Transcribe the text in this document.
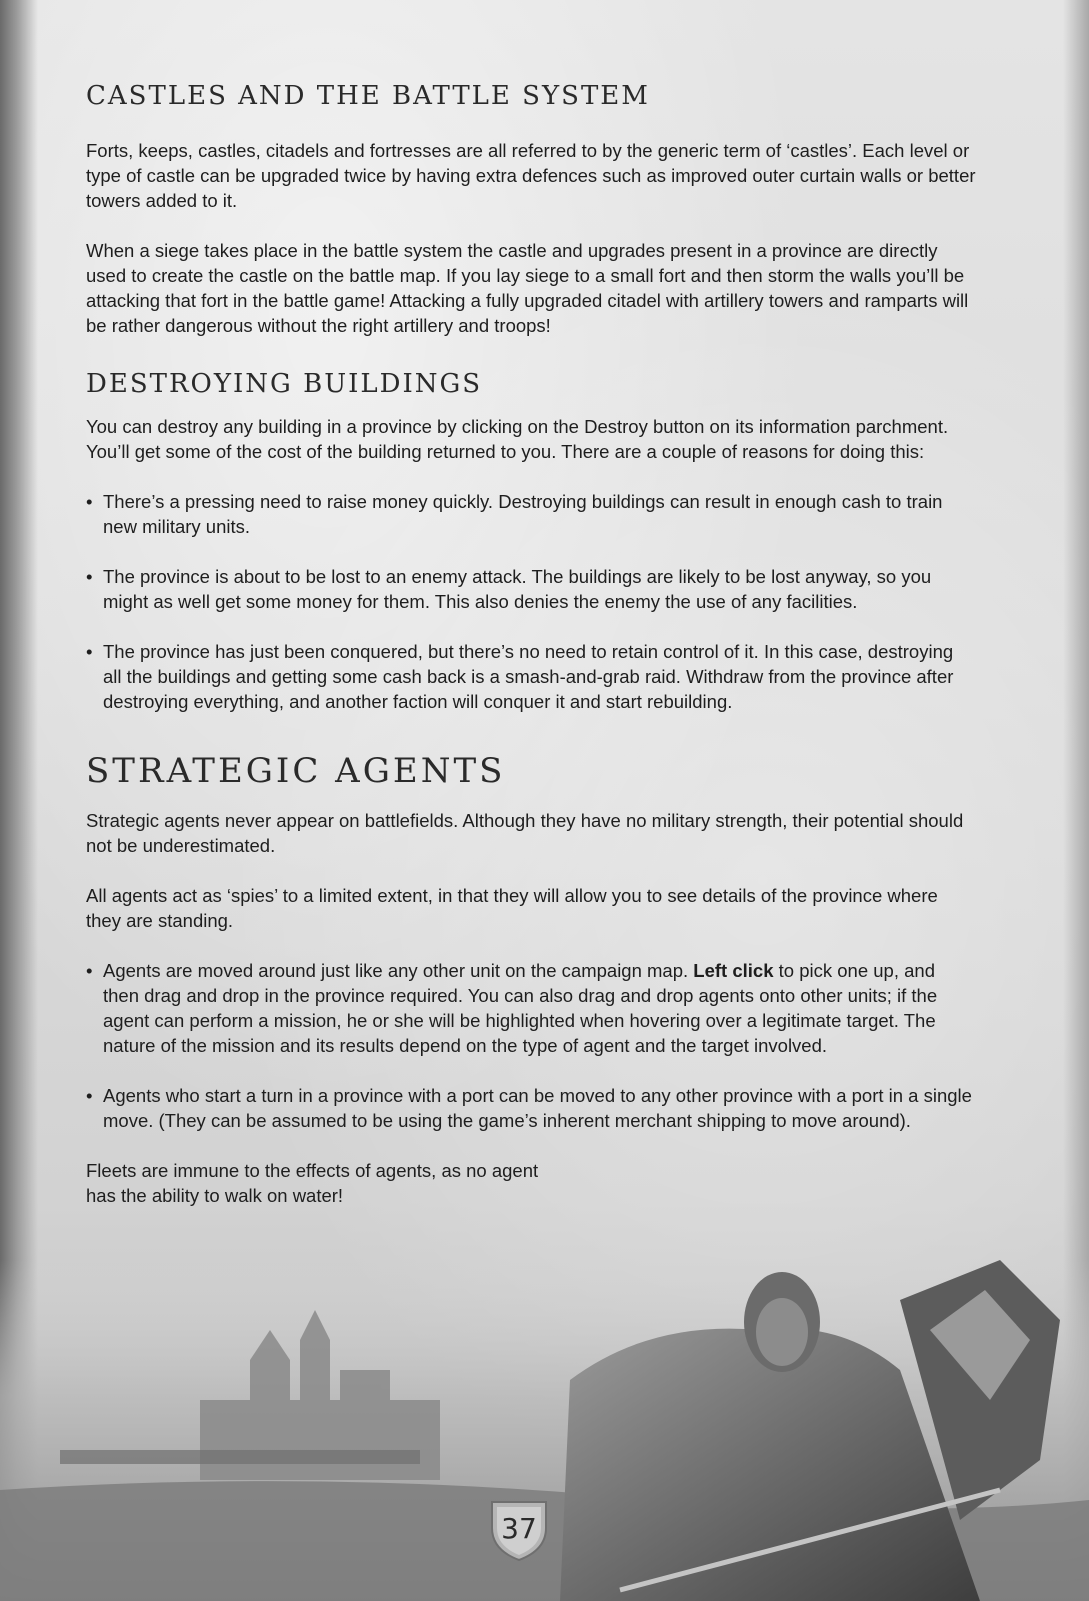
CASTLES AND THE BATTLE SYSTEM

Forts, keeps, castles, citadels and fortresses are all referred to by the generic term of ‘castles’. Each level or type of castle can be upgraded twice by having extra defences such as improved outer curtain walls or better towers added to it.

When a siege takes place in the battle system the castle and upgrades present in a province are directly used to create the castle on the battle map. If you lay siege to a small fort and then storm the walls you’ll be attacking that fort in the battle game! Attacking a fully upgraded citadel with artillery towers and ramparts will be rather dangerous without the right artillery and troops!

DESTROYING BUILDINGS

You can destroy any building in a province by clicking on the Destroy button on its information parchment. You’ll get some of the cost of the building returned to you. There are a couple of reasons for doing this:

• There’s a pressing need to raise money quickly. Destroying buildings can result in enough cash to train new military units.

• The province is about to be lost to an enemy attack. The buildings are likely to be lost anyway, so you might as well get some money for them. This also denies the enemy the use of any facilities.

• The province has just been conquered, but there’s no need to retain control of it. In this case, destroying all the buildings and getting some cash back is a smash-and-grab raid. Withdraw from the province after destroying everything, and another faction will conquer it and start rebuilding.

STRATEGIC AGENTS

Strategic agents never appear on battlefields. Although they have no military strength, their potential should not be underestimated.

All agents act as ‘spies’ to a limited extent, in that they will allow you to see details of the province where they are standing.

• Agents are moved around just like any other unit on the campaign map. Left click to pick one up, and then drag and drop in the province required. You can also drag and drop agents onto other units; if the agent can perform a mission, he or she will be highlighted when hovering over a legitimate target. The nature of the mission and its results depend on the type of agent and the target involved.

• Agents who start a turn in a province with a port can be moved to any other province with a port in a single move. (They can be assumed to be using the game’s inherent merchant shipping to move around).

Fleets are immune to the effects of agents, as no agent has the ability to walk on water!

37
